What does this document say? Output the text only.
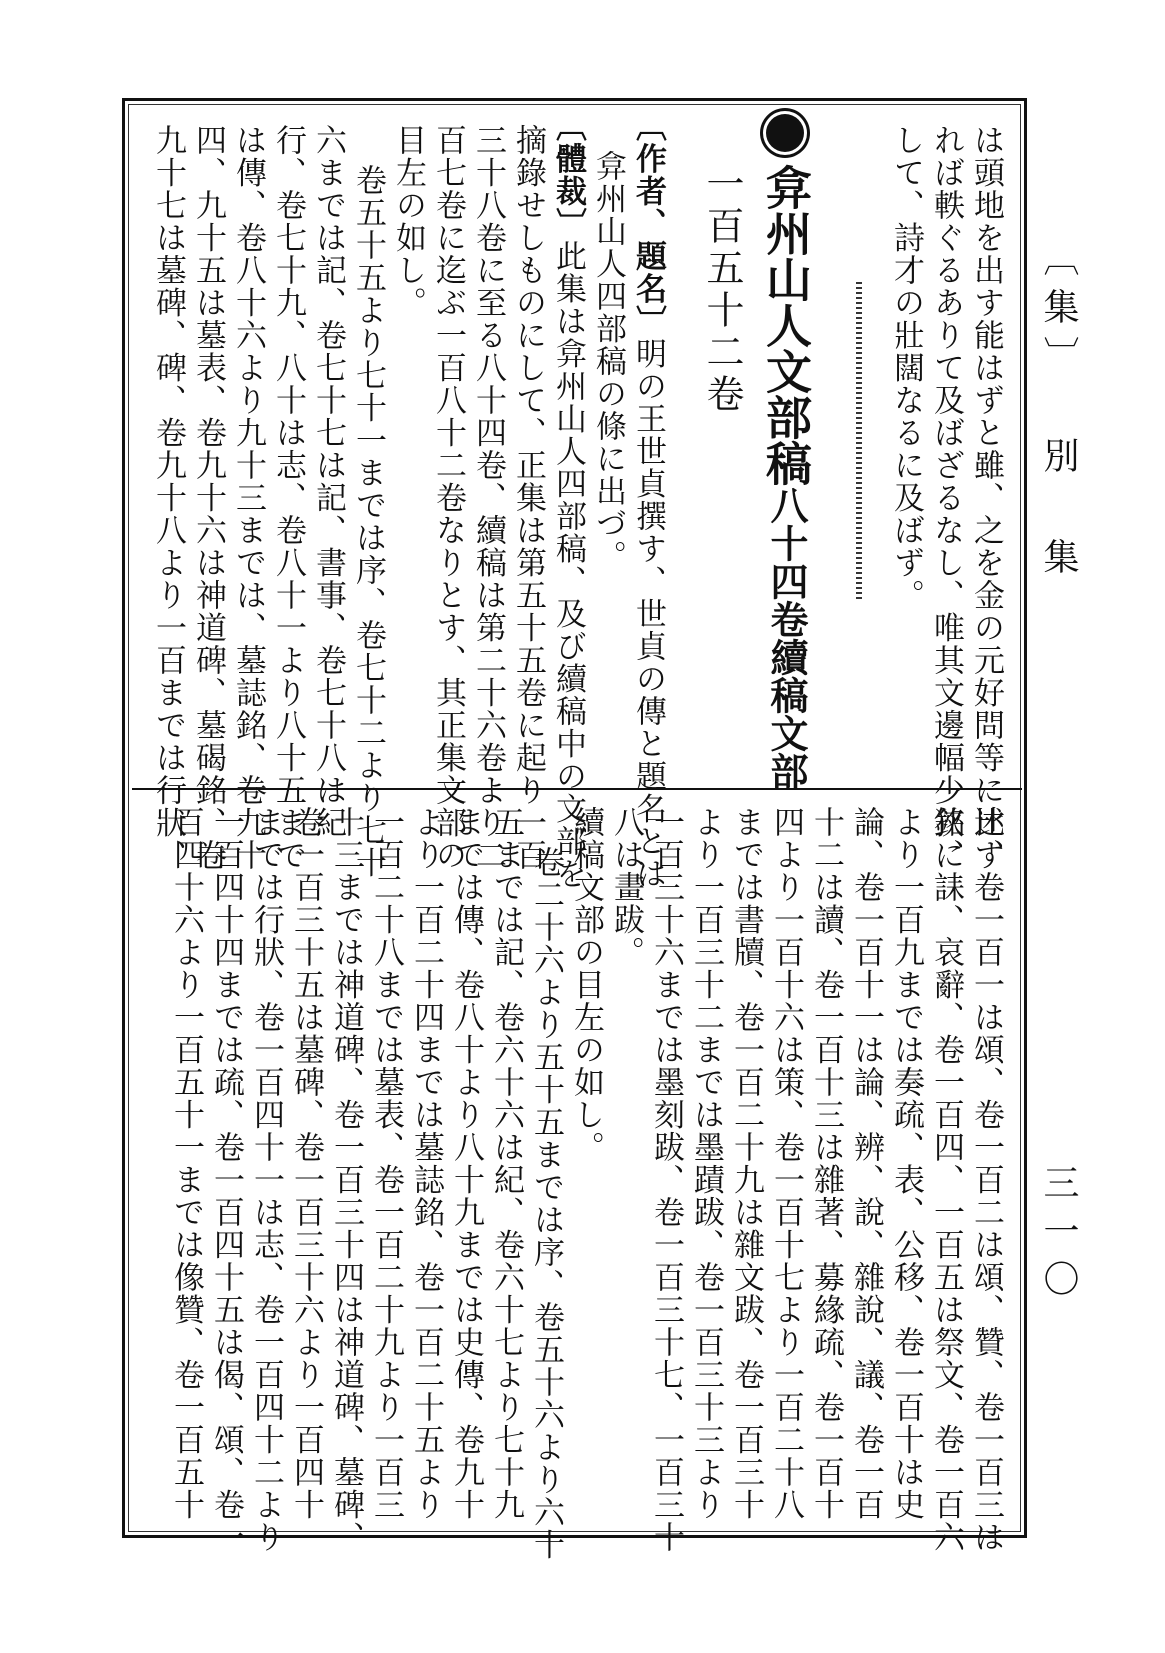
〔集〕 別 集
三一〇
は頭地を出す能はずと雖、之を金の元好問等に比す
れば軼ぐるありて及ばざるなし、唯其文邊幅少狹に
して、詩才の壯闊なるに及ばず。
弇州山人文部稿八十四卷續稿文部
一百五十二卷
〔作者、題名〕明の王世貞撰す、世貞の傳と題名とは
弇州山人四部稿の條に出づ。
〔體裁〕此集は弇州山人四部稿、及び續稿中の文部を
摘錄せしものにして、正集は第五十五卷に起り一百
三十八卷に至る八十四卷、續稿は第二十六卷より二
百七卷に迄ぶ一百八十二卷なりとす、其正集文部の
目左の如し。
卷五十五より七十一までは序、卷七十二より七十
六までは記、卷七十七は記、書事、卷七十八は紀
行、卷七十九、八十は志、卷八十一より八十五まで
は傳、卷八十六より九十三までは、墓誌銘、卷九十
四、九十五は墓表、卷九十六は神道碑、墓碣銘、卷
九十七は墓碑、碑、卷九十八より一百までは行狀、
述、卷一百一は頌、卷一百二は頌、贊、卷一百三は
銘、誄、哀辭、卷一百四、一百五は祭文、卷一百六
より一百九までは奏疏、表、公移、卷一百十は史
論、卷一百十一は論、辨、說、雜說、議、卷一百
十二は讀、卷一百十三は雜著、募緣疏、卷一百十
四より一百十六は策、卷一百十七より一百二十八
までは書牘、卷一百二十九は雜文跋、卷一百三十
より一百三十二までは墨蹟跋、卷一百三十三より
一百三十六までは墨刻跋、卷一百三十七、一百三十
八は畫跋。
續稿文部の目左の如し。
卷二十六より五十五までは序、卷五十六より六十
五までは記、卷六十六は紀、卷六十七より七十九
までは傳、卷八十より八十九までは史傳、卷九十
より一百二十四までは墓誌銘、卷一百二十五より
一百二十八までは墓表、卷一百二十九より一百三
十三までは神道碑、卷一百三十四は神道碑、墓碑、
卷一百三十五は墓碑、卷一百三十六より一百四十
までは行狀、卷一百四十一は志、卷一百四十二より
一百四十四までは疏、卷一百四十五は偈、頌、卷一
百四十六より一百五十一までは像贊、卷一百五十
